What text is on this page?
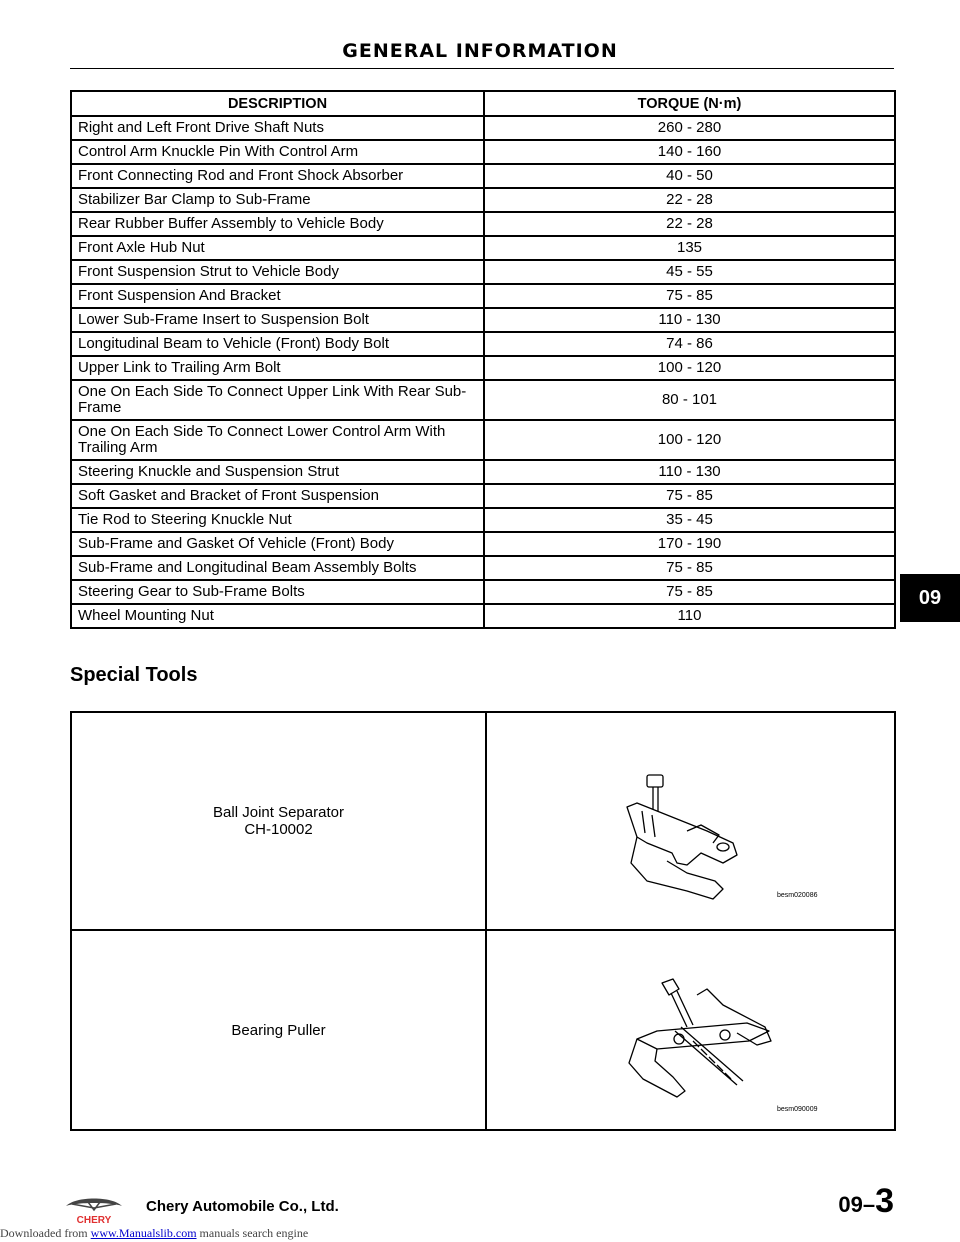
GENERAL INFORMATION
DESCRIPTION	TORQUE (N·m)
Right and Left Front Drive Shaft Nuts	260 - 280
Control Arm Knuckle Pin With Control Arm	140 - 160
Front Connecting Rod and Front Shock Absorber	40 - 50
Stabilizer Bar Clamp to Sub-Frame	22 - 28
Rear Rubber Buffer Assembly to Vehicle Body	22 - 28
Front Axle Hub Nut	135
Front Suspension Strut to Vehicle Body	45 - 55
Front Suspension And Bracket	75 - 85
Lower Sub-Frame Insert to Suspension Bolt	110 - 130
Longitudinal Beam to Vehicle (Front) Body Bolt	74 - 86
Upper Link to Trailing Arm Bolt	100 - 120
One On Each Side To Connect Upper Link With Rear Sub-Frame	80 - 101
One On Each Side To Connect Lower Control Arm With Trailing Arm	100 - 120
Steering Knuckle and Suspension Strut	110 - 130
Soft Gasket and Bracket of Front Suspension	75 - 85
Tie Rod to Steering Knuckle Nut	35 - 45
Sub-Frame and Gasket Of Vehicle (Front) Body	170 - 190
Sub-Frame and Longitudinal Beam Assembly Bolts	75 - 85
Steering Gear to Sub-Frame Bolts	75 - 85
Wheel Mounting Nut	110
09
Special Tools
Ball Joint Separator
CH-10002	besm020086

Bearing Puller	besm090009
CHERY
Chery Automobile Co., Ltd.	09–3
Downloaded from www.Manualslib.com manuals search engine
